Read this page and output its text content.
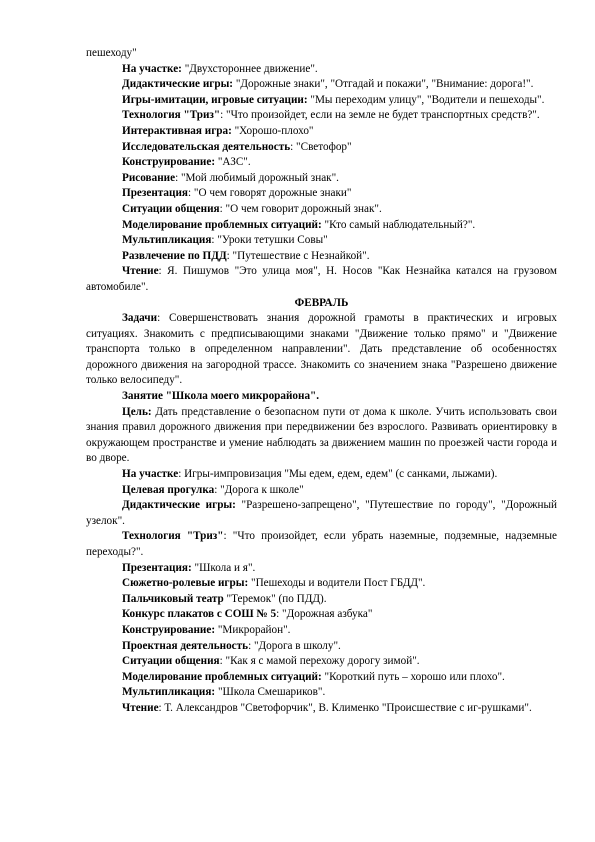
пешеходу"

На участке: "Двухстороннее движение".

Дидактические игры: "Дорожные знаки", "Отгадай и покажи", "Внимание: дорога!".

Игры-имитации, игровые ситуации: "Мы переходим улицу", "Водители и пешеходы".

Технология "Триз": "Что произойдет, если на земле не будет транспортных средств?".

Интерактивная игра: "Хорошо-плохо"

Исследовательская деятельность: "Светофор"

Конструирование: "АЗС".

Рисование: "Мой любимый дорожный знак".

Презентация: "О чем говорят дорожные знаки"

Ситуации общения: "О чем говорит дорожный знак".

Моделирование проблемных ситуаций: "Кто самый наблюдательный?".

Мультипликация: "Уроки тетушки Совы"

Развлечение по ПДД: "Путешествие с Незнайкой".

Чтение: Я. Пишумов "Это улица моя", Н. Носов "Как Незнайка катался на грузовом автомобиле".

ФЕВРАЛЬ

Задачи: Совершенствовать знания дорожной грамоты в практических и игровых ситуациях. Знакомить с предписывающими знаками "Движение только прямо" и "Движение транспорта только в определенном направлении". Дать представление об особенностях дорожного движения на загородной трассе. Знакомить со значением знака "Разрешено движение только велосипеду".

Занятие "Школа моего микрорайона".

Цель: Дать представление о безопасном пути от дома к школе. Учить использовать свои знания правил дорожного движения при передвижении без взрослого. Развивать ориентировку в окружающем пространстве и умение наблюдать за движением машин по проезжей части города и во дворе.

На участке: Игры-импровизация "Мы едем, едем, едем" (с санками, лыжами).

Целевая прогулка: "Дорога к школе"

Дидактические игры: "Разрешено-запрещено", "Путешествие по городу", "Дорожный узелок".

Технология "Триз": "Что произойдет, если убрать наземные, подземные, надземные переходы?".

Презентация: "Школа и я".

Сюжетно-ролевые игры: "Пешеходы и водители Пост ГБДД".

Пальчиковый театр "Теремок" (по ПДД).

Конкурс плакатов с СОШ № 5: "Дорожная азбука"

Конструирование: "Микрорайон".

Проектная деятельность: "Дорога в школу".

Ситуации общения: "Как я с мамой перехожу дорогу зимой".

Моделирование проблемных ситуаций: "Короткий путь – хорошо или плохо".

Мультипликация: "Школа Смешариков".

Чтение: Т. Александров "Светофорчик", В. Клименко "Происшествие с иг-рушками".
